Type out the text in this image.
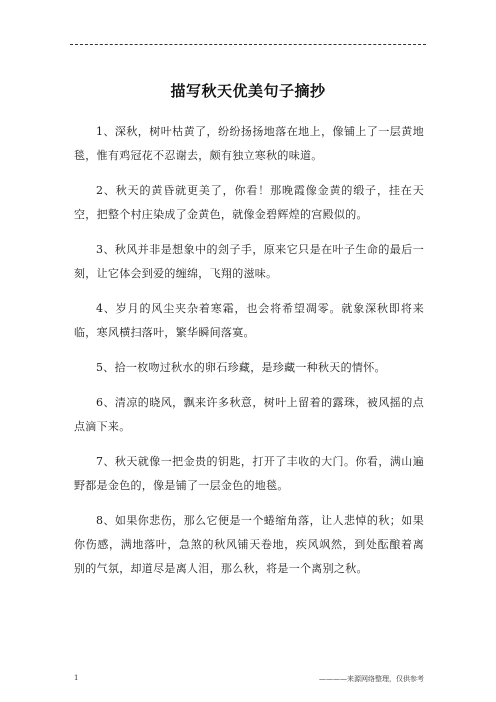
描写秋天优美句子摘抄

1、深秋，树叶枯黄了，纷纷扬扬地落在地上，像铺上了一层黄地毯，惟有鸡冠花不忍谢去，颇有独立寒秋的味道。

2、秋天的黄昏就更美了，你看！那晚霞像金黄的缎子，挂在天空，把整个村庄染成了金黄色，就像金碧辉煌的宫殿似的。

3、秋风并非是想象中的刽子手，原来它只是在叶子生命的最后一刻，让它体会到爱的缠绵，飞翔的滋味。

4、岁月的风尘夹杂着寒霜，也会将希望凋零。就象深秋即将来临，寒风横扫落叶，繁华瞬间落寞。

5、拾一枚吻过秋水的卵石珍藏，是珍藏一种秋天的情怀。

6、清凉的晓风，飘来许多秋意，树叶上留着的露珠，被风摇的点点滴下来。

7、秋天就像一把金贵的钥匙，打开了丰收的大门。你看，满山遍野都是金色的，像是铺了一层金色的地毯。

8、如果你悲伤，那么它便是一个蜷缩角落，让人悲悼的秋；如果你伤感，满地落叶，急煞的秋风铺天卷地，疾风飒然，到处酝酿着离别的气氛，却道尽是离人泪，那么秋，将是一个离别之秋。

1	————来源网络整理，仅供参考
